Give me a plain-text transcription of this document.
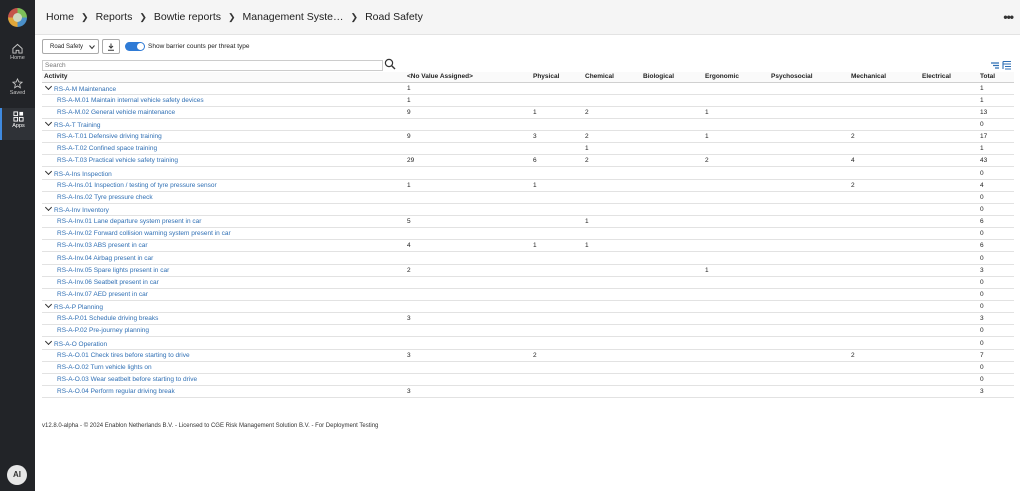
Home
Saved
Apps
AI
Home ❯ Reports ❯ Bowtie reports ❯ Management Syste… ❯ Road Safety	•••
Road Safety	Show barrier counts per threat type
Search
Activity	<No Value Assigned>	Physical	Chemical	Biological	Ergonomic	Psychosocial	Mechanical	Electrical	Total
RS-A-M Maintenance	1								1
RS-A-M.01 Maintain internal vehicle safety devices	1								1
RS-A-M.02 General vehicle maintenance	9	1	2		1				13
RS-A-T Training									0
RS-A-T.01 Defensive driving training	9	3	2		1		2		17
RS-A-T.02 Confined space training			1						1
RS-A-T.03 Practical vehicle safety training	29	6	2		2		4		43
RS-A-Ins Inspection									0
RS-A-Ins.01 Inspection / testing of tyre pressure sensor	1	1					2		4
RS-A-Ins.02 Tyre pressure check									0
RS-A-Inv Inventory									0
RS-A-Inv.01 Lane departure system present in car	5		1						6
RS-A-Inv.02 Forward collision warning system present in car									0
RS-A-Inv.03 ABS present in car	4	1	1						6
RS-A-Inv.04 Airbag present in car									0
RS-A-Inv.05 Spare lights present in car	2				1				3
RS-A-Inv.06 Seatbelt present in car									0
RS-A-Inv.07 AED present in car									0
RS-A-P Planning									0
RS-A-P.01 Schedule driving breaks	3								3
RS-A-P.02 Pre-journey planning									0
RS-A-O Operation									0
RS-A-O.01 Check tires before starting to drive	3	2					2		7
RS-A-O.02 Turn vehicle lights on									0
RS-A-O.03 Wear seatbelt before starting to drive									0
RS-A-O.04 Perform regular driving break	3								3
v12.8.0-alpha - © 2024 Enablon Netherlands B.V. - Licensed to CGE Risk Management Solution B.V. - For Deployment Testing
